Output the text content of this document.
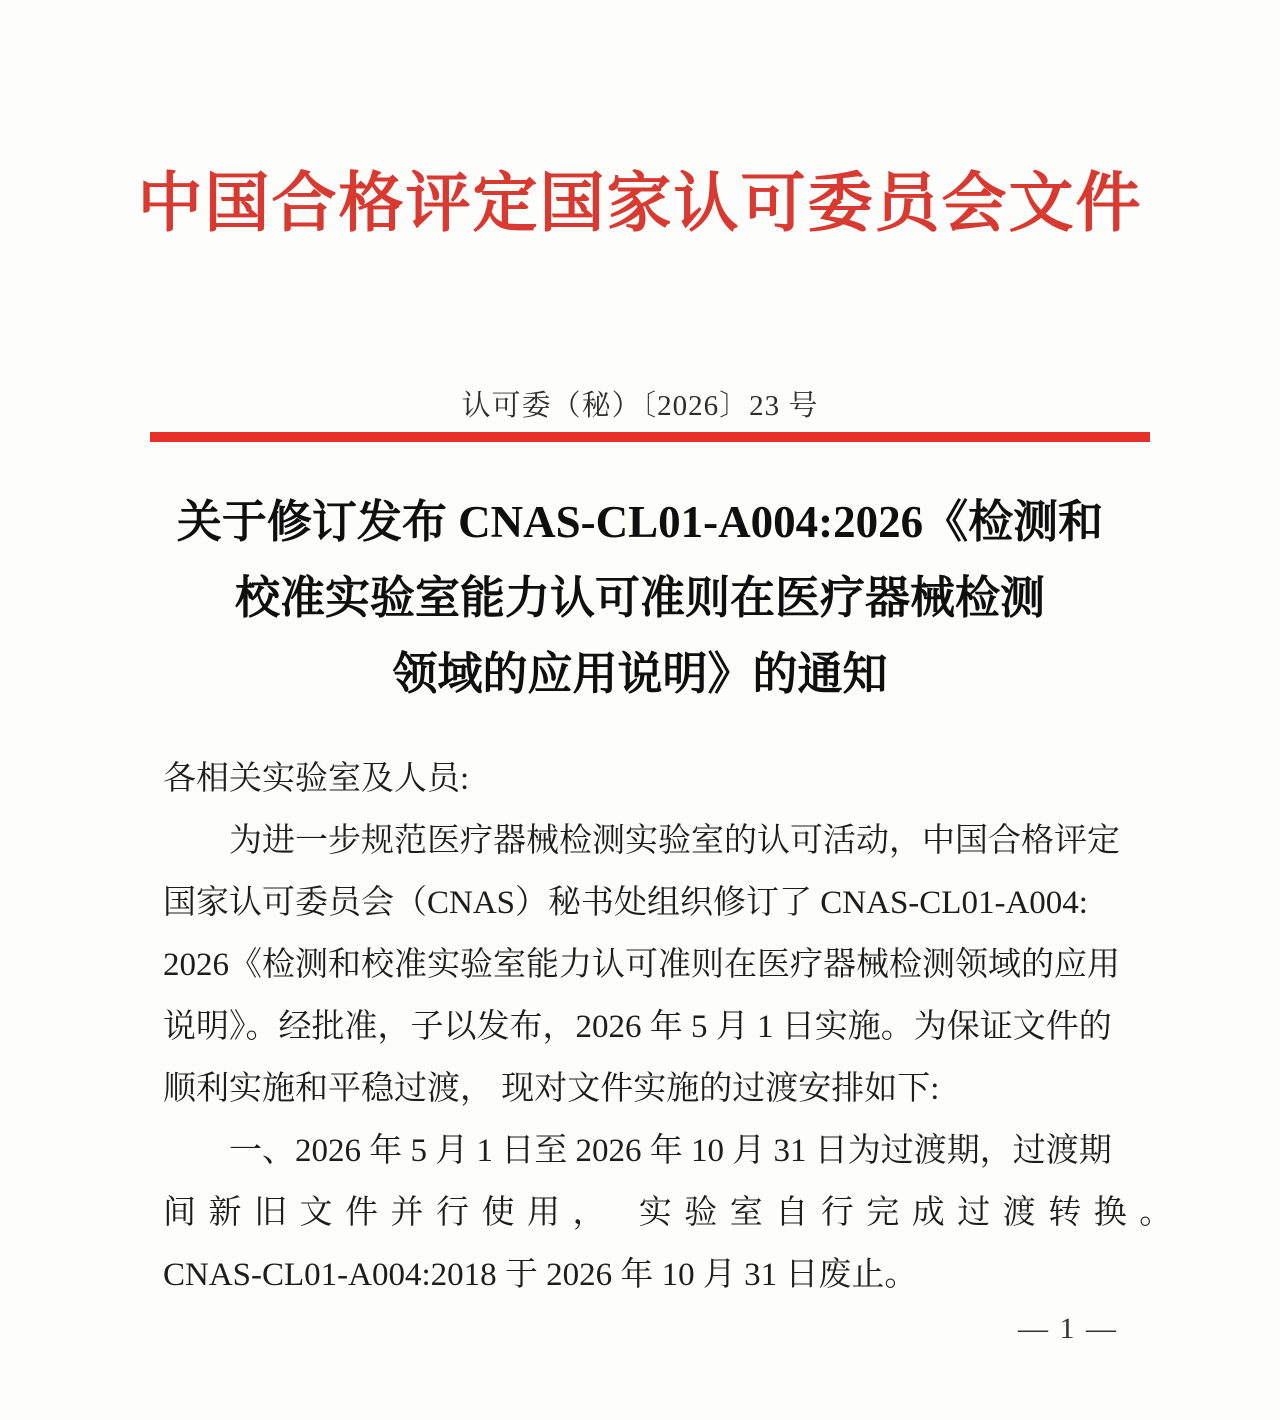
中国合格评定国家认可委员会文件
认可委（秘）〔2026〕23 号
关于修订发布 CNAS-CL01-A004:2026《检测和
校准实验室能力认可准则在医疗器械检测
领域的应用说明》的通知
各相关实验室及人员:
为进一步规范医疗器械检测实验室的认可活动，中国合格评定
国家认可委员会（CNAS）秘书处组织修订了 CNAS-CL01-A004:
2026《检测和校准实验室能力认可准则在医疗器械检测领域的应用
说明》。经批准，子以发布，2026 年 5 月 1 日实施。为保证文件的
顺利实施和平稳过渡， 现对文件实施的过渡安排如下:
一、2026 年 5 月 1 日至 2026 年 10 月 31 日为过渡期，过渡期
间新旧文件并行使用， 实验室自行完成过渡转换。
CNAS-CL01-A004:2018 于 2026 年 10 月 31 日废止。
— 1 —
